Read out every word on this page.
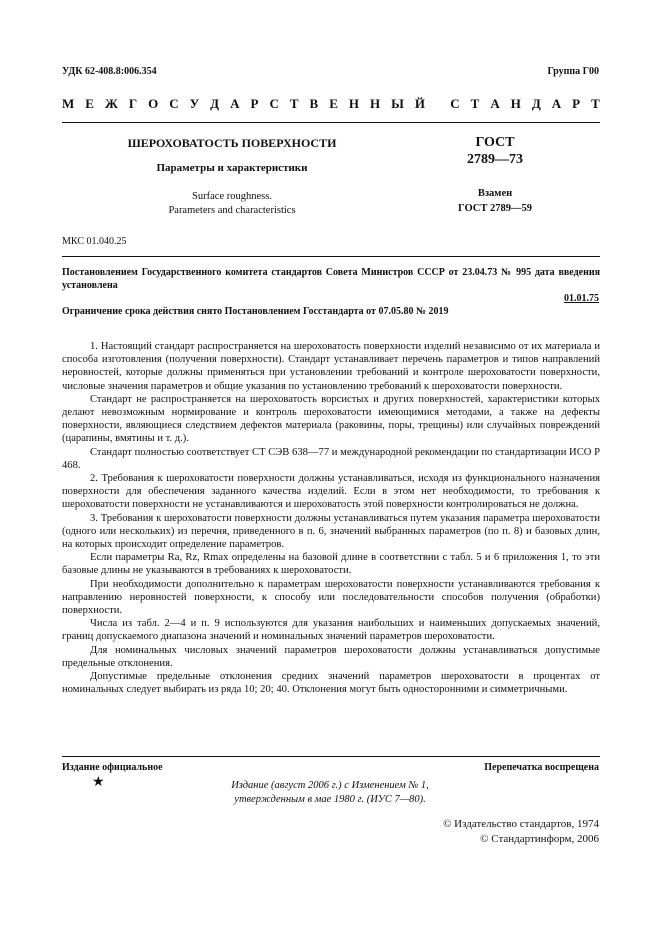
УДК 62-408.8:006.354	Группа Г00
М Е Ж Г О С У Д А Р С Т В Е Н Н Ы Й
С Т А Н Д А Р Т
ШЕРОХОВАТОСТЬ ПОВЕРХНОСТИ
Параметры и характеристики
Surface roughness.
Parameters and characteristics
ГОСТ
2789—73
Взамен
ГОСТ 2789—59
МКС 01.040.25
Постановлением Государственного комитета стандартов Совета Министров СССР от 23.04.73 № 995 дата введения установлена
01.01.75
Ограничение срока действия снято Постановлением Госстандарта от 07.05.80 № 2019

1. Настоящий стандарт распространяется на шероховатость поверхности изделий независимо от их материала и способа изготовления (получения поверхности). Стандарт устанавливает перечень параметров и типов направлений неровностей, которые должны применяться при установлении требований и контроле шероховатости поверхности, числовые значения параметров и общие указания по установлению требований к шероховатости поверхности.

Стандарт не распространяется на шероховатость ворсистых и других поверхностей, характеристики которых делают невозможным нормирование и контроль шероховатости имеющимися методами, а также на дефекты поверхности, являющиеся следствием дефектов материала (раковины, поры, трещины) или случайных повреждений (царапины, вмятины и т. д.).

Стандарт полностью соответствует СТ СЭВ 638—77 и международной рекомендации по стандартизации ИСО Р 468.

2. Требования к шероховатости поверхности должны устанавливаться, исходя из функционального назначения поверхности для обеспечения заданного качества изделий. Если в этом нет необходимости, то требования к шероховатости поверхности не устанавливаются и шероховатость этой поверхности контролироваться не должна.

3. Требования к шероховатости поверхности должны устанавливаться путем указания параметра шероховатости (одного или нескольких) из перечня, приведенного в п. 6, значений выбранных параметров (по п. 8) и базовых длин, на которых происходит определение параметров.

Если параметры Ra, Rz, Rmax определены на базовой длине в соответствии с табл. 5 и 6 приложения 1, то эти базовые длины не указываются в требованиях к шероховатости.

При необходимости дополнительно к параметрам шероховатости поверхности устанавливаются требования к направлению неровностей поверхности, к способу или последовательности способов получения (обработки) поверхности.

Числа из табл. 2—4 и п. 9 используются для указания наибольших и наименьших допускаемых значений, границ допускаемого диапазона значений и номинальных значений параметров шероховатости.

Для номинальных числовых значений параметров шероховатости должны устанавливаться допустимые предельные отклонения.

Допустимые предельные отклонения средних значений параметров шероховатости в процентах от номинальных следует выбирать из ряда 10; 20; 40. Отклонения могут быть односторонними и симметричными.

Издание официальное	Перепечатка воспрещена
★	Издание (август 2006 г.) с Изменением № 1,
утвержденным в мае 1980 г. (ИУС 7—80).
© Издательство стандартов, 1974
© Стандартинформ, 2006
